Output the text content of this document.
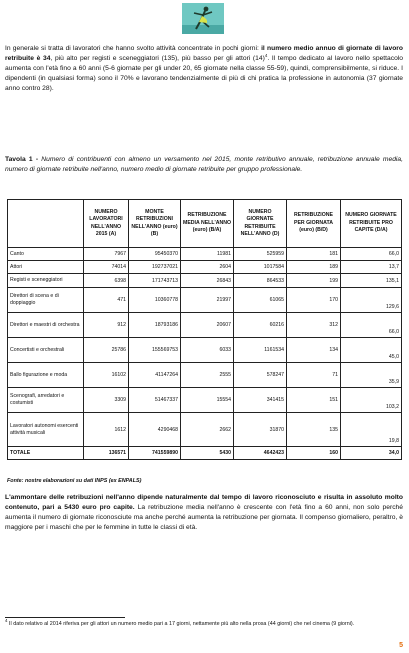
In generale si tratta di lavoratori che hanno svolto attività concentrate in pochi giorni: il numero medio annuo di giornate di lavoro retribuite è 34, più alto per registi e sceneggiatori (135), più basso per gli attori $(14)^4$. Il tempo dedicato al lavoro nello spettacolo aumenta con l'età fino a 60 anni (5-6 giornate per gli under 20, 65 giornate nella classe 55-59), quindi, comprensibilmente, si riduce. I dipendenti (in qualsiasi forma) sono il 70% e lavorano tendenzialmente di più di chi pratica la professione in autonomia (37 giornate anno contro 28).

Tavola 1 - Numero di contribuenti con almeno un versamento nel 2015, monte retributivo annuale, retribuzione annuale media, numero di giornate retribuite nell'anno, numero medio di giornate retribuite per gruppo professionale.

	NUMERO LAVORATORI NELL'ANNO 2015 (A)	MONTE RETRIBUZIONI NELL'ANNO (euro) (B)	RETRIBUZIONE MEDIA NELL'ANNO (euro) (B/A)	NUMERO GIORNATE RETRIBUITE NELL'ANNO (D)	RETRIBUZIONE PER GIORNATA (euro) (B/D)	NUMERO GIORNATE RETRIBUITE PRO CAPITE (D/A)
Canto	7967	95450370	11981	525959	181	66,0
Attori	74014	192737021	2604	1017584	189	13,7
Registi e sceneggiatori	6398	171743713	26843	864533	199	135,1
Direttori di scena e di doppiaggio	471	10360778	21997	61065	170	129,6
Direttori e maestri di orchestra	912	18793186	20607	60216	312	66,0
Concertisti e orchestrali	25786	155569753	6033	1161534	134	45,0
Ballo figurazione e moda	16102	41147264	2555	578247	71	35,9
Scenografi, arredatori e costumisti	3309	51467337	15554	341415	151	103,2
Lavoratori autonomi esercenti attività musicali	1612	4290468	2662	31870	135	19,8
TOTALE	136571	741559890	5430	4642423	160	34,0
Fonte: nostre elaborazioni su dati INPS (ex ENPALS)

L'ammontare delle retribuzioni nell'anno dipende naturalmente dal tempo di lavoro riconosciuto e risulta in assoluto molto contenuto, pari a 5430 euro pro capite. La retribuzione media nell'anno è crescente con l'età fino a 60 anni, non solo perché aumenta il numero di giornate riconosciute ma anche perché aumenta la retribuzione per giornata. Il compenso giornaliero, peraltro, è maggiore per i maschi che per le femmine in tutte le classi di età.

$^4$ Il dato relativo al 2014 riferiva per gli attori un numero medio pari a 17 giorni, nettamente più alto nella prosa (44 giorni) che nel cinema (9 giorni).

5
